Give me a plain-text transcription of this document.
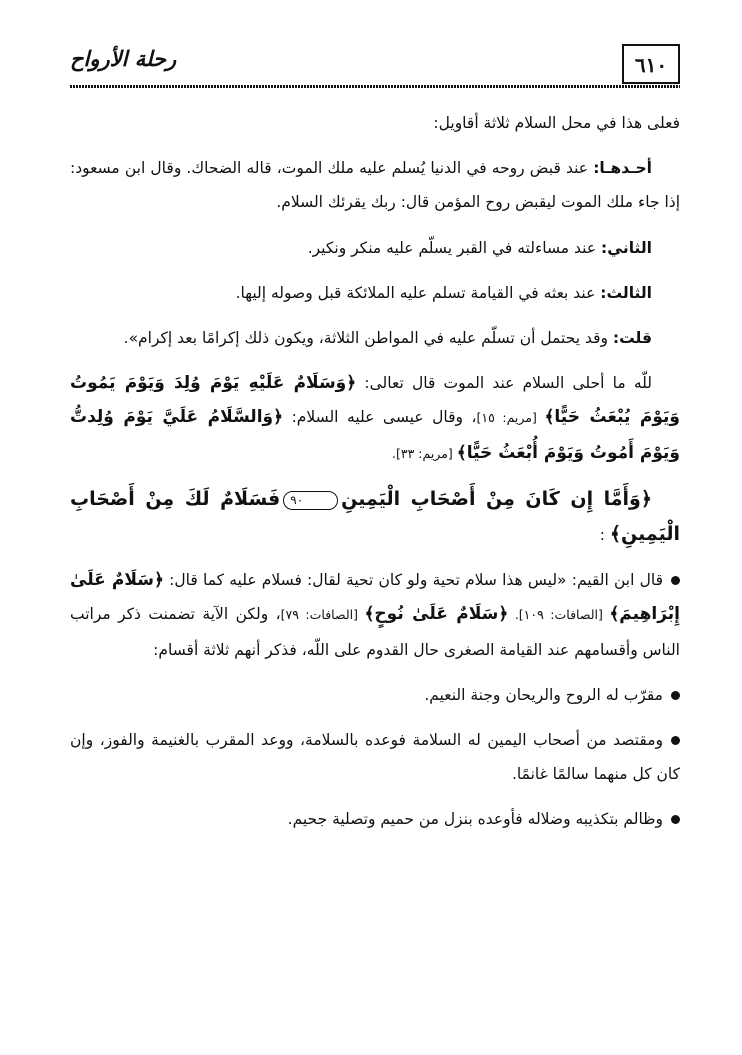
٦١٠
رحلة الأرواح

فعلى هذا في محل السلام ثلاثة أقاويل:

أحـدهـا: عند قبض روحه في الدنيا يُسلم عليه ملك الموت، قاله الضحاك. وقال ابن مسعود: إذا جاء ملك الموت ليقبض روح المؤمن قال: ربك يقرئك السلام.

الثاني: عند مساءلته في القبر يسلّم عليه منكر ونكير.

الثالث: عند بعثه في القيامة تسلم عليه الملائكة قبل وصوله إليها.

قلت: وقد يحتمل أن تسلّم عليه في المواطن الثلاثة، ويكون ذلك إكرامًا بعد إكرام».

للّه ما أحلى السلام عند الموت قال تعالى: ﴿وَسَلَامٌ عَلَيْهِ يَوْمَ وُلِدَ وَيَوْمَ يَمُوتُ وَيَوْمَ يُبْعَثُ حَيًّا﴾ [مريم: ١٥]، وقال عيسى عليه السلام: ﴿وَالسَّلَامُ عَلَيَّ يَوْمَ وُلِدتُّ وَيَوْمَ أَمُوتُ وَيَوْمَ أُبْعَثُ حَيًّا﴾ [مريم: ٣٣].

﴿وَأَمَّا إِن كَانَ مِنْ أَصْحَابِ الْيَمِينِ٩٠فَسَلَامٌ لَكَ مِنْ أَصْحَابِ الْيَمِينِ﴾ :

قال ابن القيم: «ليس هذا سلام تحية ولو كان تحية لقال: فسلام عليه كما قال: ﴿سَلَامٌ عَلَىٰ إِبْرَاهِيمَ﴾ [الصافات: ١٠٩]. ﴿سَلَامٌ عَلَىٰ نُوحٍ﴾ [الصافات: ٧٩]، ولكن الآية تضمنت ذكر مراتب الناس وأقسامهم عند القيامة الصغرى حال القدوم على اللّه، فذكر أنهم ثلاثة أقسام:

مقرّب له الروح والريحان وجنة النعيم.

ومقتصد من أصحاب اليمين له السلامة فوعده بالسلامة، ووعد المقرب بالغنيمة والفوز، وإن كان كل منهما سالمًا غانمًا.

وظالم بتكذيبه وضلاله فأوعده بنزل من حميم وتصلية جحيم.
